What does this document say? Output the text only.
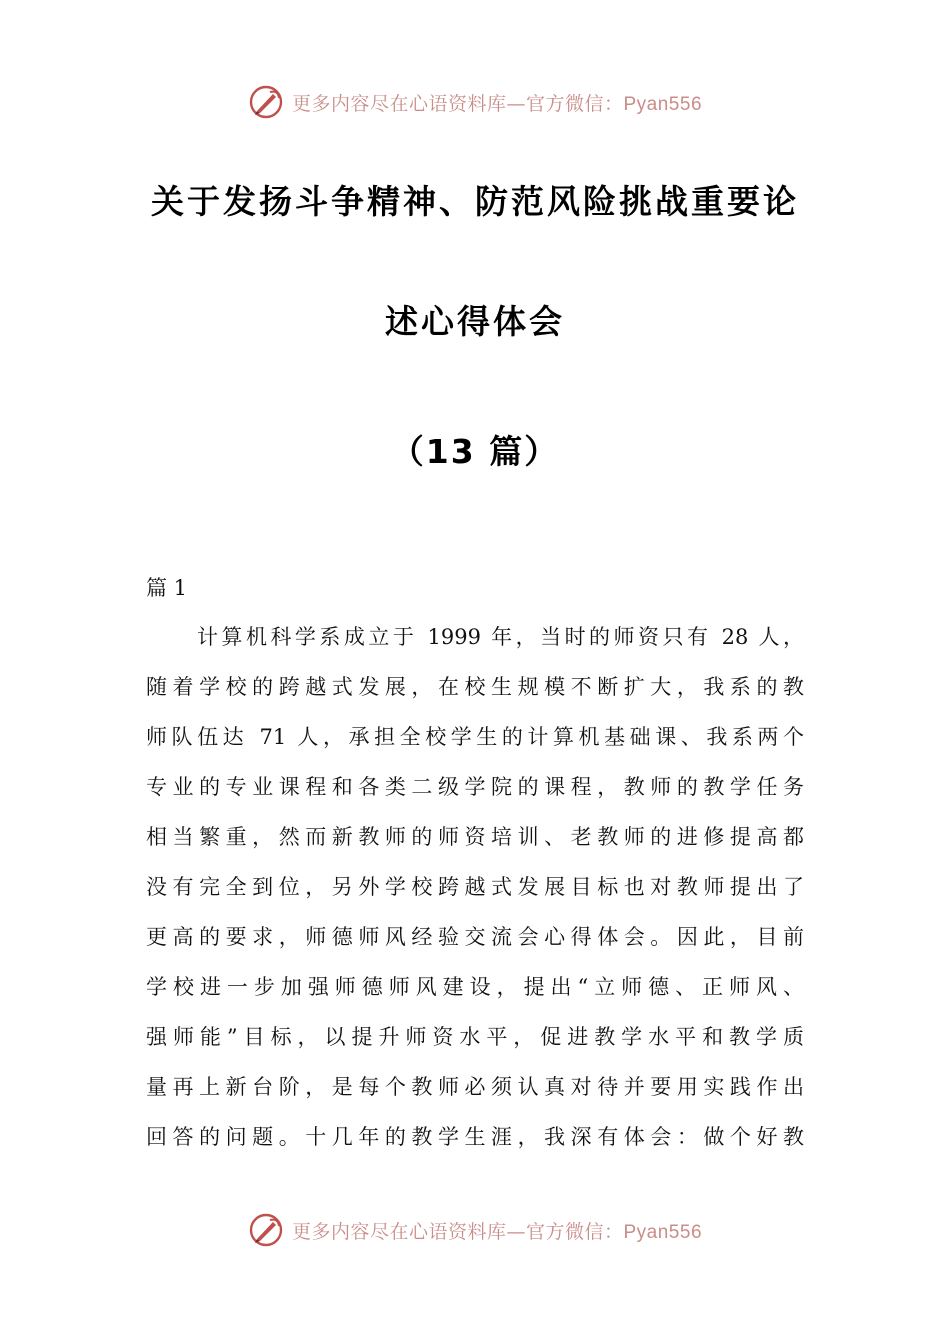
更多内容尽在心语资料库—官方微信：Pyan556
关于发扬斗争精神、防范风险挑战重要论
述心得体会
（13 篇）
篇 1
计算机科学系成立于 1999 年，当时的师资只有 28 人，
随着学校的跨越式发展，在校生规模不断扩大，我系的教
师队伍达 71 人，承担全校学生的计算机基础课、我系两个
专业的专业课程和各类二级学院的课程，教师的教学任务
相当繁重，然而新教师的师资培训、老教师的进修提高都
没有完全到位，另外学校跨越式发展目标也对教师提出了
更高的要求，师德师风经验交流会心得体会。因此，目前
学校进一步加强师德师风建设，提出“立师德、正师风、
强师能”目标，以提升师资水平，促进教学水平和教学质
量再上新台阶，是每个教师必须认真对待并要用实践作出
回答的问题。十几年的教学生涯，我深有体会：做个好教
更多内容尽在心语资料库—官方微信：Pyan556
